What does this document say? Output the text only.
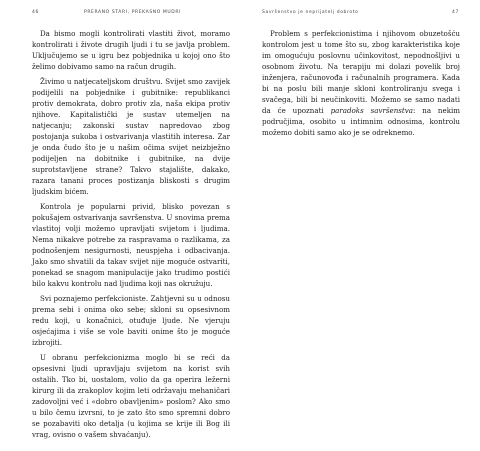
46	PRERANO STARI, PREKASNO MUDRI

Da bismo mogli kontrolirati vlastiti život, moramo kontrolirati i živote drugih ljudi i tu se javlja problem. Uključujemo se u igru bez pobjednika u kojoj ono što želimo dobivamo samo na račun drugih.

Živimo u natjecateljskom društvu. Svijet smo zavijek podijelili na pobjednike i gubitnike: republikanci protiv demokrata, dobro protiv zla, naša ekipa protiv njihove. Kapitalistički je sustav utemeljen na natjecanju; zakonski sustav napredovao zbog postojanja sukoba i ostvarivanja vlastitih interesa. Zar je onda čudo što je u našim očima svijet neizbježno podijeljen na dobitnike i gubitnike, na dvije suprotstavljene strane? Takvo stajalište, dakako, razara tanani proces postizanja bliskosti s drugim ljudskim bićem.

Kontrola je popularni privid, blisko povezan s pokušajem ostvarivanja savršenstva. U snovima prema vlastitoj volji možemo upravljati svijetom i ljudima. Nema nikakve potrebe za raspravama o razlikama, za podnošenjem nesigurnosti, neuspjeha i odbacivanja. Jako smo shvatili da takav svijet nije moguće ostvariti, ponekad se snagom manipulacije jako trudimo postići bilo kakvu kontrolu nad ljudima koji nas okružuju.

Svi poznajemo perfekcioniste. Zahtjevni su u odnosu prema sebi i onima oko sebe; skloni su opsesivnom redu koji, u konačnici, otuđuje ljude. Ne vjeruju osjećajima i više se vole baviti onime što je moguće izbrojiti.

U obranu perfekcionizma moglo bi se reći da opsesivni ljudi upravljaju svijetom na korist svih ostalih. Tko bi, uostalom, volio da ga operira ležerni kirurg ili da zrakoplov kojim leti održavaju mehaničari zadovoljni već i «dobro obavljenim» poslom? Ako smo u bilo čemu izvrsni, to je zato što smo spremni dobro se pozabaviti oko detalja (u kojima se krije ili Bog ili vrag, ovisno o vašem shvaćanju).

Savršenstvo je neprijatelj dobroto	47

Problem s perfekcionistima i njihovom obuzetošću kontrolom jest u tome što su, zbog karakteristika koje im omogućuju poslovnu učinkovitost, nepodnošljivi u osobnom životu. Na terapiju mi dolazi povelik broj inženjera, računovođa i računalnih programera. Kada bi na poslu bili manje skloni kontroliranju svega i svačega, bili bi neučinkoviti. Možemo se samo nadati da će upoznati paradoks savršenstva: na nekim područjima, osobito u intimnim odnosima, kontrolu možemo dobiti samo ako je se odreknemo.
